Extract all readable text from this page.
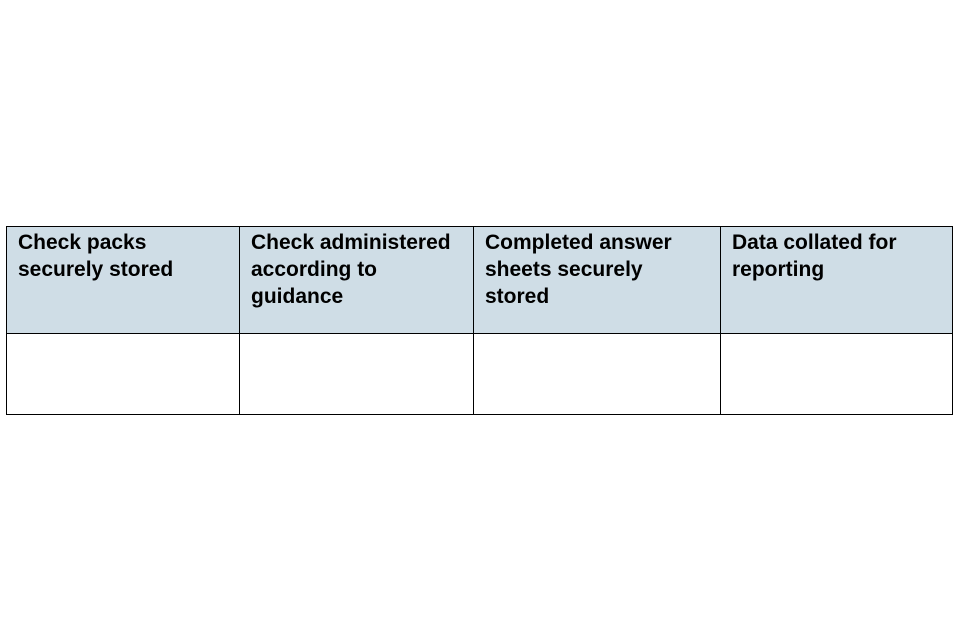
Check packs securely stored	Check administered according to guidance	Completed answer sheets securely stored	Data collated for reporting
